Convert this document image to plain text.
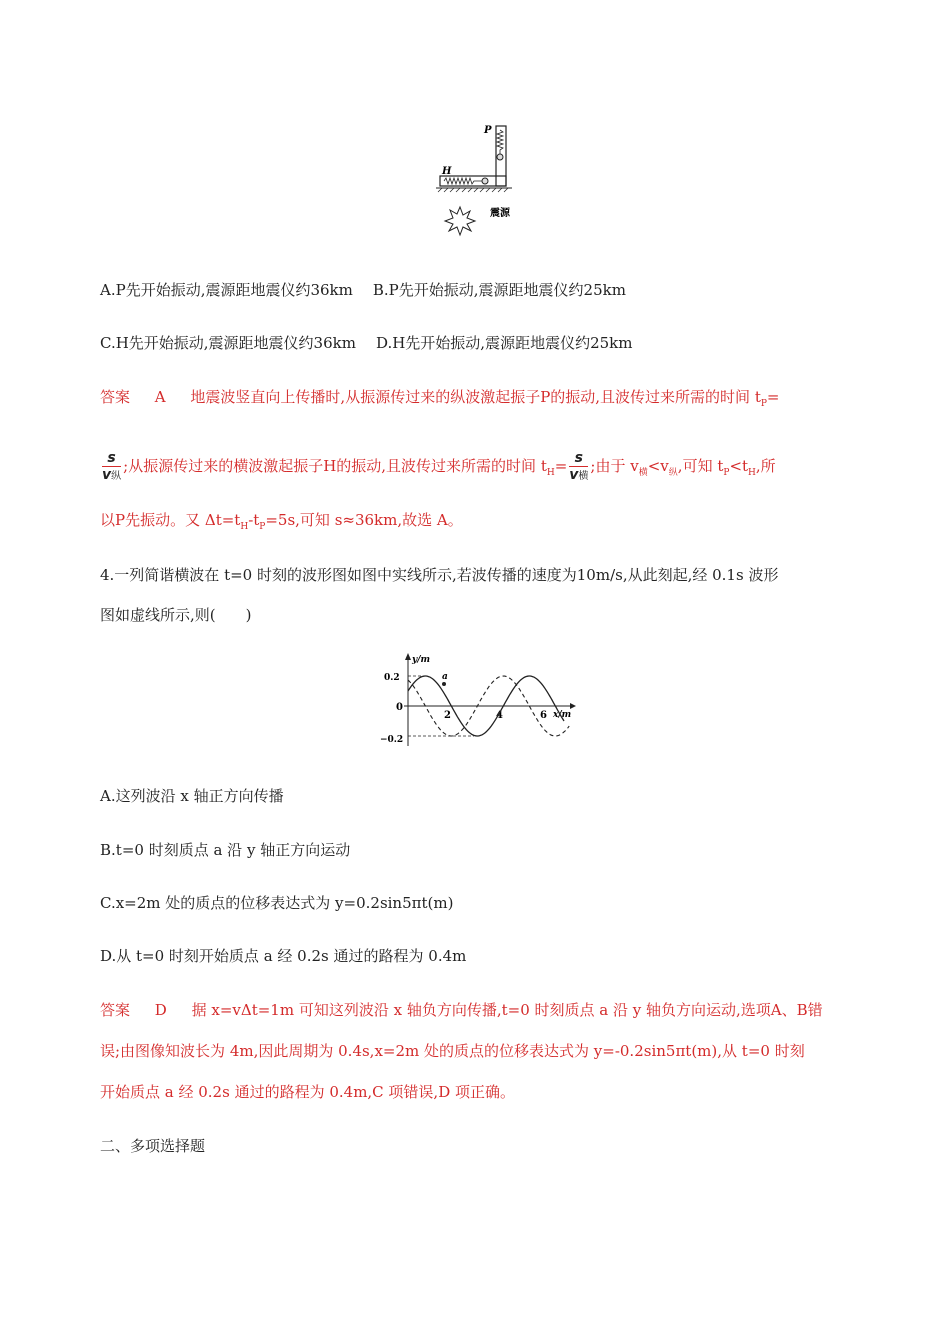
P
H
震源
A.P先开始振动,震源距地震仪约36km B.P先开始振动,震源距地震仪约25km
C.H先开始振动,震源距地震仪约36km D.H先开始振动,震源距地震仪约25km
答案 A 地震波竖直向上传播时,从振源传过来的纵波激起振子P的振动,且波传过来所需的时间 $t_P=$
$\frac{s}{\text{v纵}}$ ;从振源传过来的横波激起振子H的振动,且波传过来所需的时间 $t_H= \frac{s}{\text{v横}}$ ;由于 $v_横<v_纵$,可知 $t_P<t_H$,所
以P先振动。又 $\Delta t=t_H-t_P=5s$,可知 s≈36km,故选 A。
4.一列简谐横波在 t=0 时刻的波形图如图中实线所示,若波传播的速度为10m/s,从此刻起,经 0.1s 波形
图如虚线所示,则(　　)
y/m
x/m
0
0.2
−0.2
2	4	6
a
A.这列波沿 x 轴正方向传播
B.t=0 时刻质点 a 沿 y 轴正方向运动
C.x=2m 处的质点的位移表达式为 y=0.2sin5πt(m)
D.从 t=0 时刻开始质点 a 经 0.2s 通过的路程为 0.4m
答案 D 据 x=vΔt=1m 可知这列波沿 x 轴负方向传播,t=0 时刻质点 a 沿 y 轴负方向运动,选项A、B错
误;由图像知波长为 4m,因此周期为 0.4s,x=2m 处的质点的位移表达式为 y=-0.2sin5πt(m),从 t=0 时刻
开始质点 a 经 0.2s 通过的路程为 0.4m,C 项错误,D 项正确。
二、多项选择题
